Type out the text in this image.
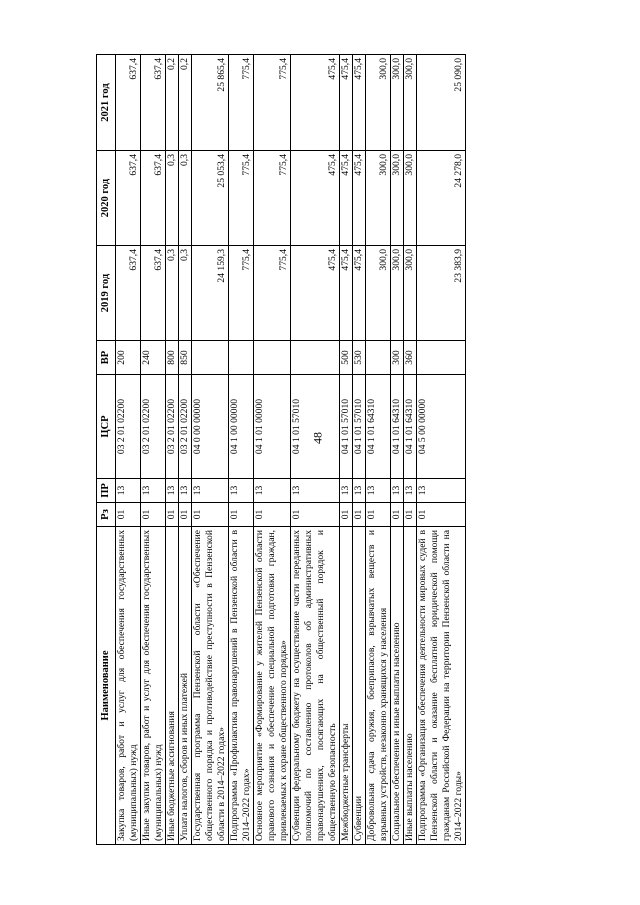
48
Наименование	Рз	ПР	ЦСР	ВР	2019 год	2020 год	2021 год
Закупка товаров, работ и услуг для обеспечения государственных (муниципальных) нужд	01	13	03 2 01 02200	200	637,4	637,4	637,4
Иные закупки товаров, работ и услуг для обеспечения государственных (муниципальных) нужд	01	13	03 2 01 02200	240	637,4	637,4	637,4
Иные бюджетные ассигнования	01	13	03 2 01 02200	800	0,3	0,3	0,2
Уплата налогов, сборов и иных платежей	01	13	03 2 01 02200	850	0,3	0,3	0,2
Государственная программа Пензенской области «Обеспечение общественного порядка и противодействие преступности в Пензенской области в 2014–2022 годах»	01	13	04 0 00 00000		24 159,3	25 053,4	25 865,4
Подпрограмма «Профилактика правонарушений в Пензенской области в 2014–2022 годах»	01	13	04 1 00 00000		775,4	775,4	775,4
Основное мероприятие «Формирование у жителей Пензенской области правового сознания и обеспечение специальной подготовки граждан, привлекаемых к охране общественного порядка»	01	13	04 1 01 00000		775,4	775,4	775,4
Субвенции федеральному бюджету на осуществление части переданных полномочий по составлению протоколов об административных правонарушениях, посягающих на общественный порядок и общественную безопасность	01	13	04 1 01 57010		475,4	475,4	475,4
Межбюджетные трансферты	01	13	04 1 01 57010	500	475,4	475,4	475,4
Субвенции	01	13	04 1 01 57010	530	475,4	475,4	475,4
Добровольная сдача оружия, боеприпасов, взрывчатых веществ и взрывных устройств, незаконно хранящихся у населения	01	13	04 1 01 64310		300,0	300,0	300,0
Социальное обеспечение и иные выплаты населению	01	13	04 1 01 64310	300	300,0	300,0	300,0
Иные выплаты населению	01	13	04 1 01 64310	360	300,0	300,0	300,0
Подпрограмма «Организация обеспечения деятельности мировых судей в Пензенской области и оказание бесплатной юридической помощи гражданам Российской Федерации на территории Пензенской области на 2014–2022 годы»	01	13	04 5 00 00000		23 383,9	24 278,0	25 090,0
